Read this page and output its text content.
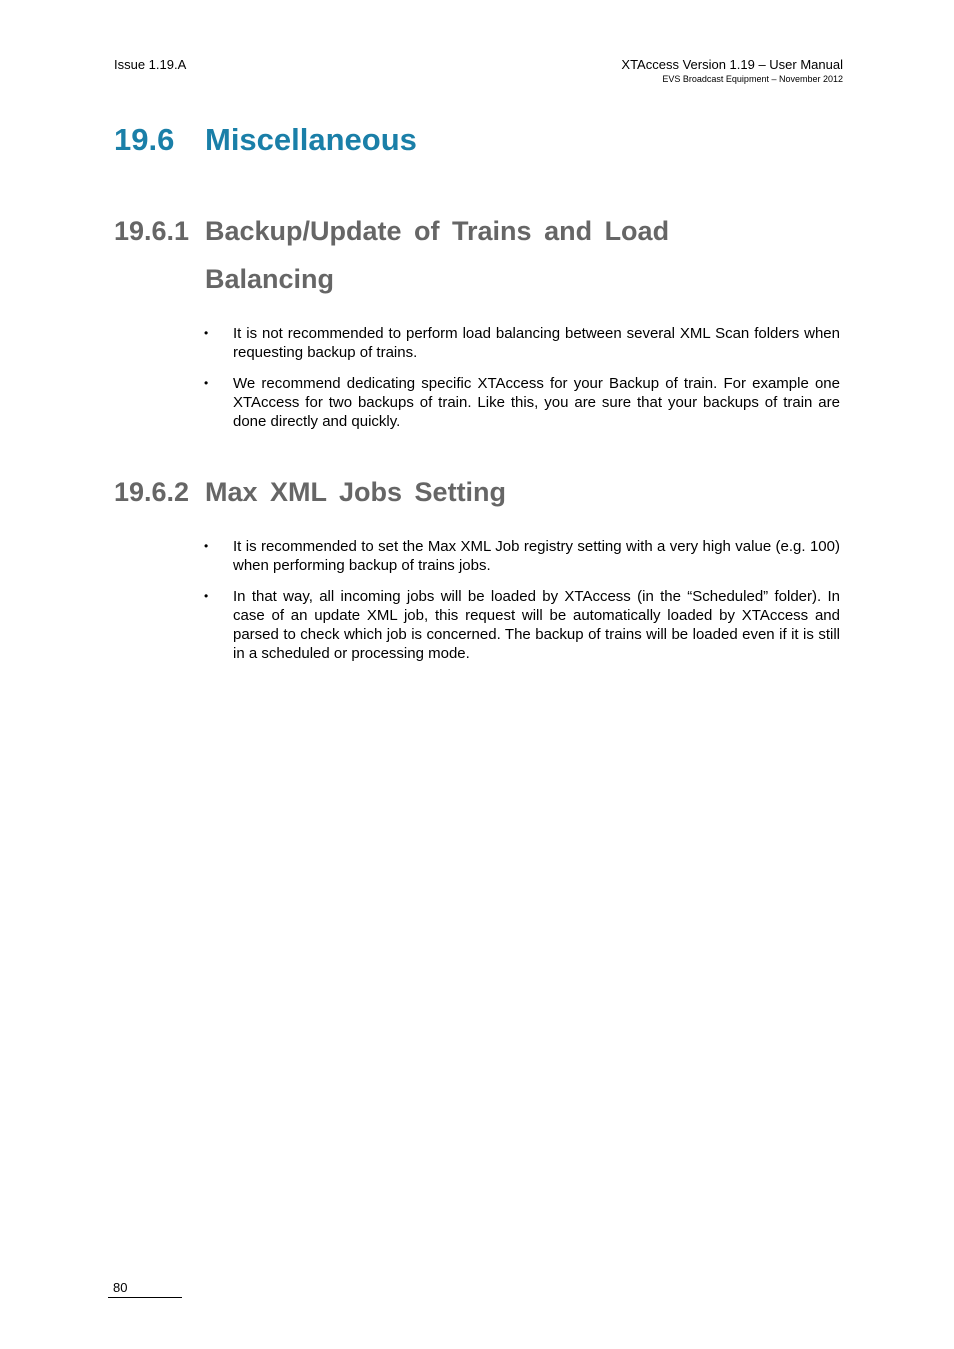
Issue 1.19.A	XTAccess Version 1.19 – User Manual
EVS Broadcast Equipment – November 2012
19.6 Miscellaneous
19.6.1 Backup/Update of Trains and Load
Balancing
• It is not recommended to perform load balancing between several XML Scan folders when requesting backup of trains.
• We recommend dedicating specific XTAccess for your Backup of train. For example one XTAccess for two backups of train. Like this, you are sure that your backups of train are done directly and quickly.
19.6.2 Max XML Jobs Setting
• It is recommended to set the Max XML Job registry setting with a very high value (e.g. 100) when performing backup of trains jobs.
• In that way, all incoming jobs will be loaded by XTAccess (in the “Scheduled” folder). In case of an update XML job, this request will be automatically loaded by XTAccess and parsed to check which job is concerned. The backup of trains will be loaded even if it is still in a scheduled or processing mode.
80
